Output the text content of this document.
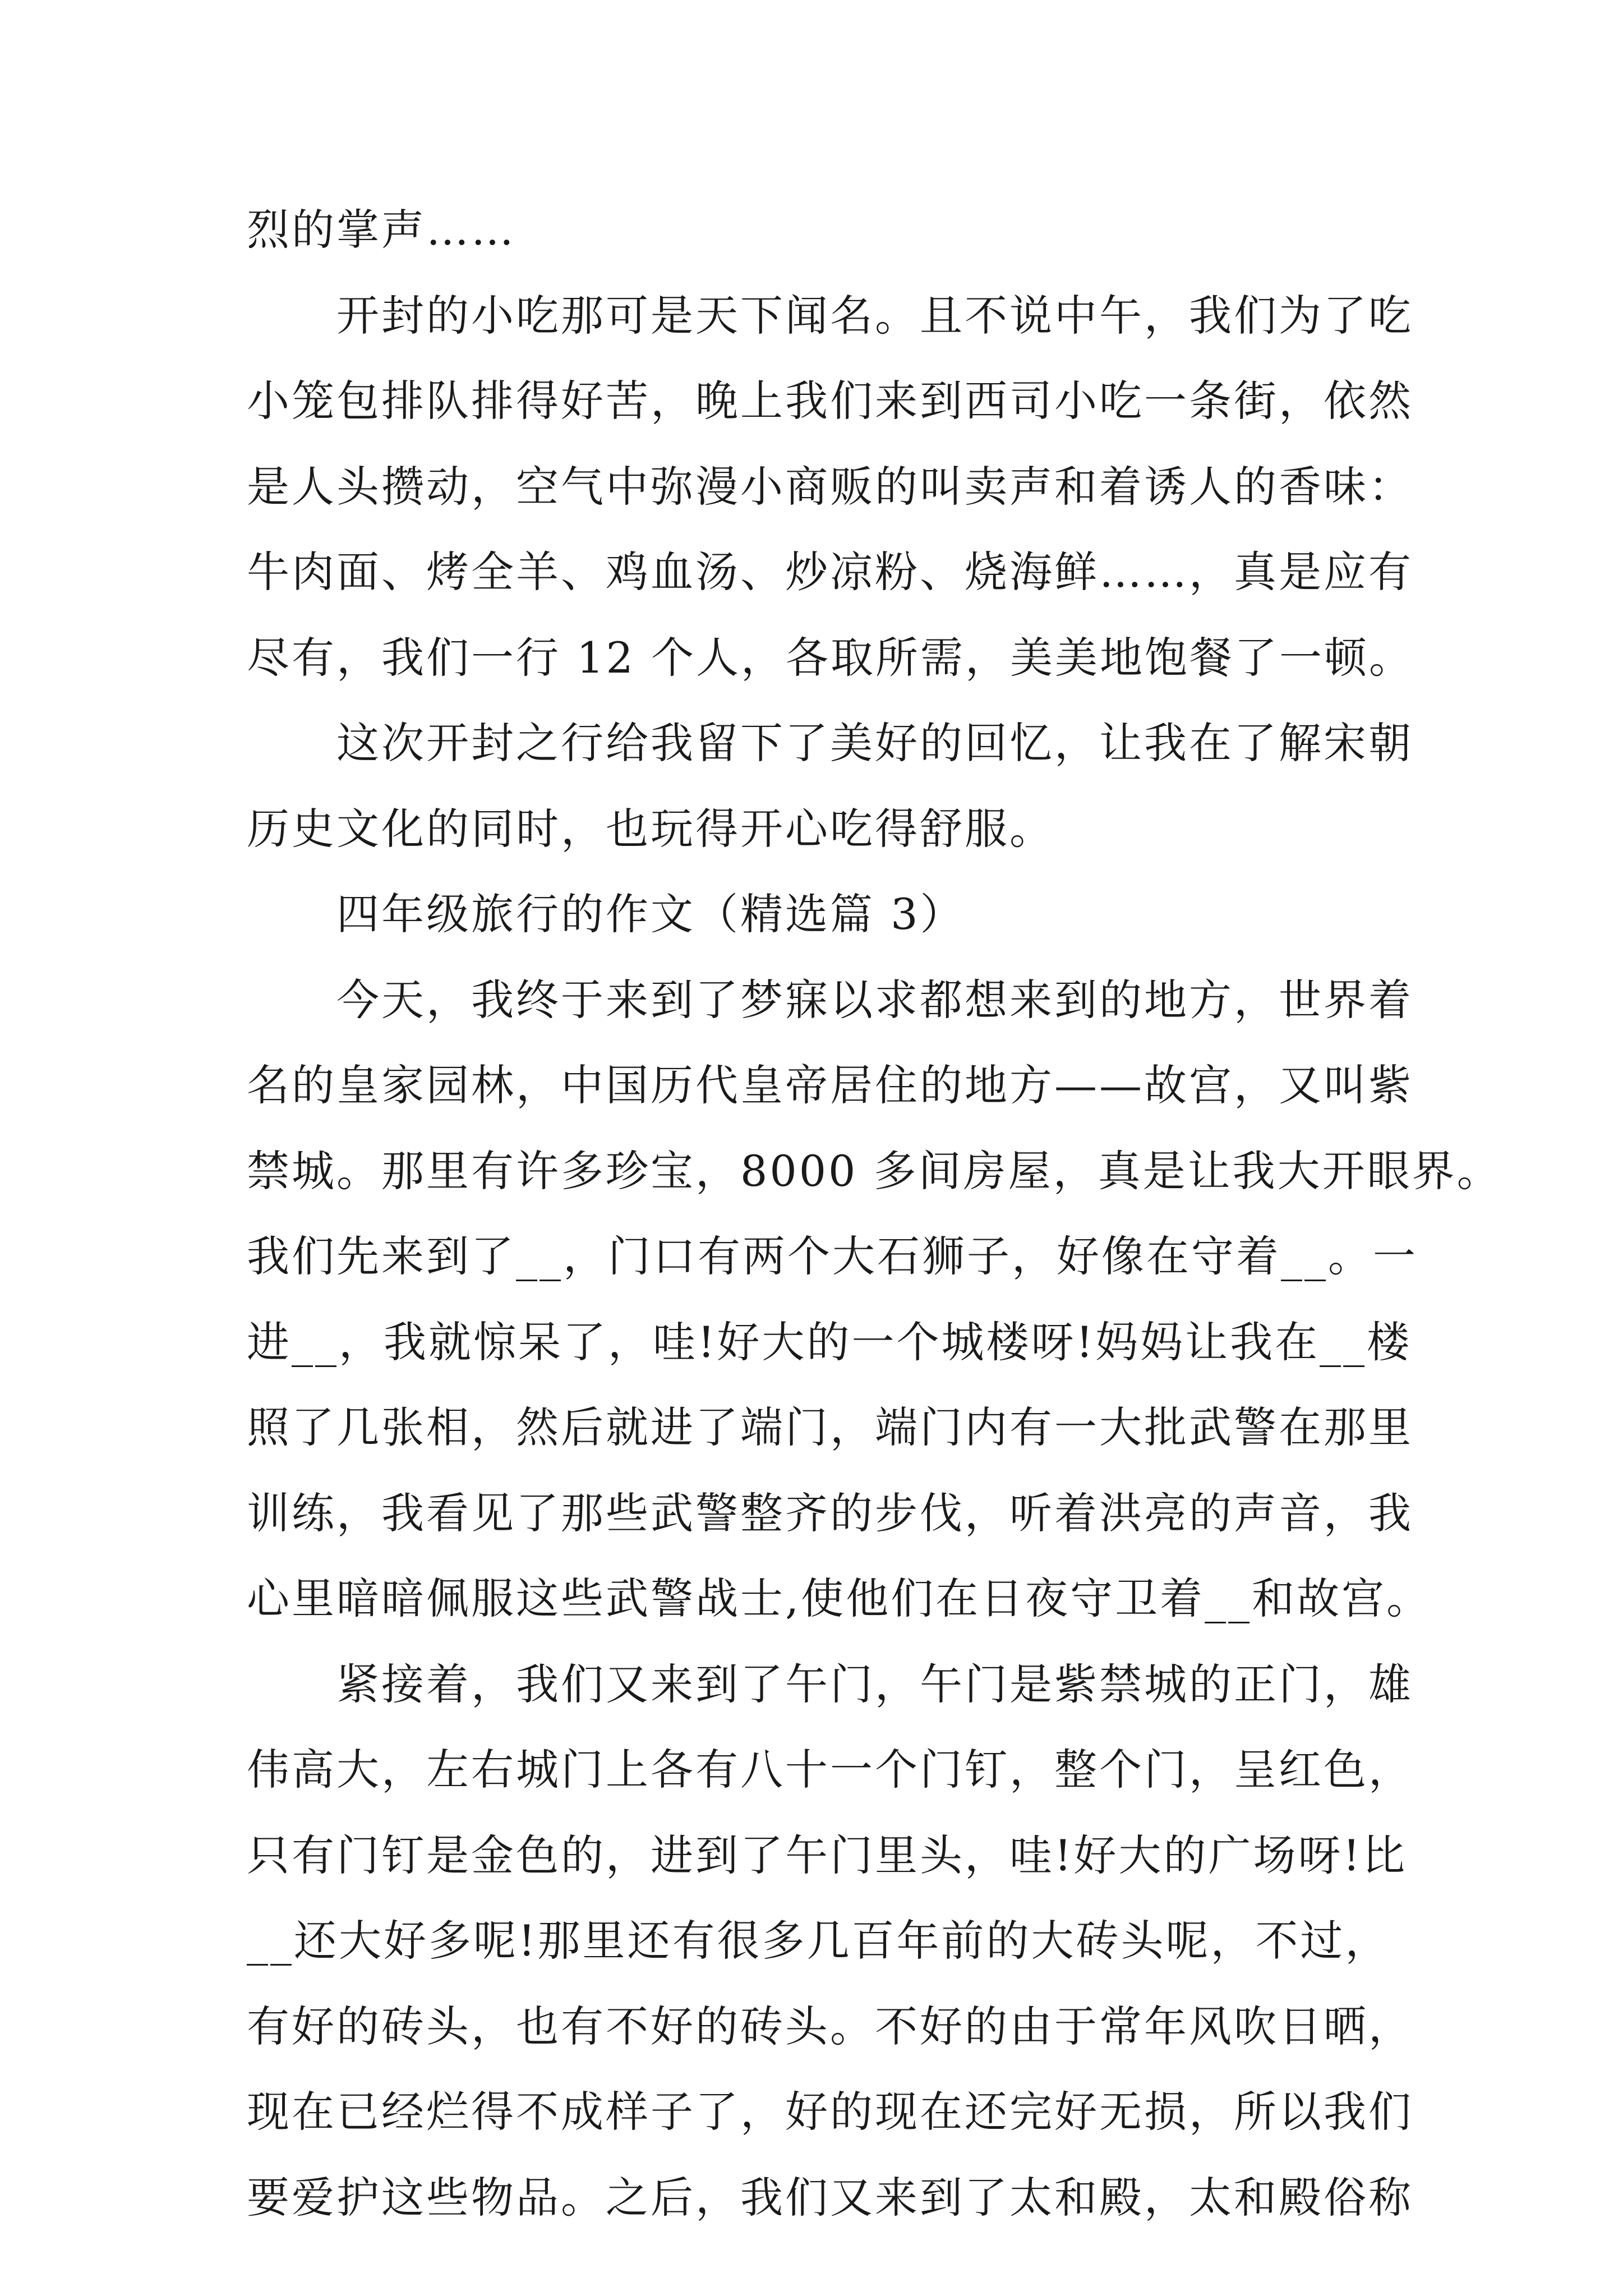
烈的掌声……
　　开封的小吃那可是天下闻名。且不说中午，我们为了吃
小笼包排队排得好苦，晚上我们来到西司小吃一条街，依然
是人头攒动，空气中弥漫小商贩的叫卖声和着诱人的香味：
牛肉面、烤全羊、鸡血汤、炒凉粉、烧海鲜……，真是应有
尽有，我们一行 12 个人，各取所需，美美地饱餐了一顿。
　　这次开封之行给我留下了美好的回忆，让我在了解宋朝
历史文化的同时，也玩得开心吃得舒服。
　　四年级旅行的作文（精选篇 3）
　　今天，我终于来到了梦寐以求都想来到的地方，世界着
名的皇家园林，中国历代皇帝居住的地方——故宫，又叫紫
禁城。那里有许多珍宝，8000 多间房屋，真是让我大开眼界。
我们先来到了__，门口有两个大石狮子，好像在守着__。一
进__，我就惊呆了，哇!好大的一个城楼呀!妈妈让我在__楼
照了几张相，然后就进了端门，端门内有一大批武警在那里
训练，我看见了那些武警整齐的步伐，听着洪亮的声音，我
心里暗暗佩服这些武警战士,使他们在日夜守卫着__和故宫。
　　紧接着，我们又来到了午门，午门是紫禁城的正门，雄
伟高大，左右城门上各有八十一个门钉，整个门，呈红色，
只有门钉是金色的，进到了午门里头，哇!好大的广场呀!比
__还大好多呢!那里还有很多几百年前的大砖头呢，不过，
有好的砖头，也有不好的砖头。不好的由于常年风吹日晒，
现在已经烂得不成样子了，好的现在还完好无损，所以我们
要爱护这些物品。之后，我们又来到了太和殿，太和殿俗称
